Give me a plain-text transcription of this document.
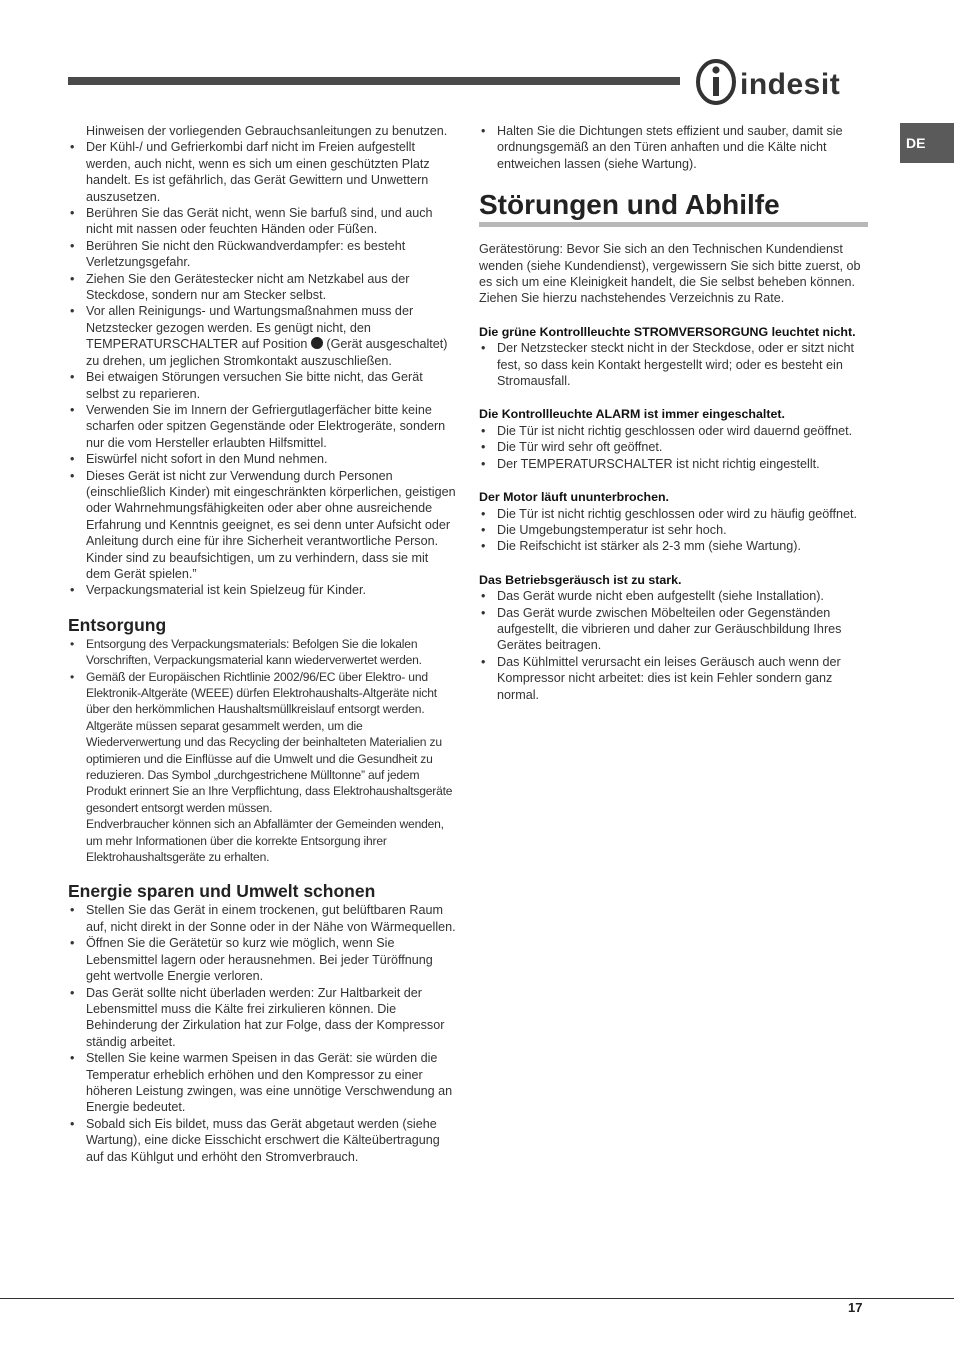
indesit
DE
Hinweisen der vorliegenden Gebrauchsanleitungen zu benutzen.
• Der Kühl-/ und Gefrierkombi darf nicht im Freien aufgestellt werden, auch nicht, wenn es sich um einen geschützten Platz handelt. Es ist gefährlich, das Gerät Gewittern und Unwettern auszusetzen.
• Berühren Sie das Gerät nicht, wenn Sie barfuß sind, und auch nicht mit nassen oder feuchten Händen oder Füßen.
• Berühren Sie nicht den Rückwandverdampfer: es besteht Verletzungsgefahr.
• Ziehen Sie den Gerätestecker nicht am Netzkabel aus der Steckdose, sondern nur am Stecker selbst.
• Vor allen Reinigungs- und Wartungsmaßnahmen muss der Netzstecker gezogen werden. Es genügt nicht, den TEMPERATURSCHALTER auf Position (Gerät ausgeschaltet) zu drehen, um jeglichen Stromkontakt auszuschließen.
• Bei etwaigen Störungen versuchen Sie bitte nicht, das Gerät selbst zu reparieren.
• Verwenden Sie im Innern der Gefriergutlagerfächer bitte keine scharfen oder spitzen Gegenstände oder Elektrogeräte, sondern nur die vom Hersteller erlaubten Hilfsmittel.
• Eiswürfel nicht sofort in den Mund nehmen.
• Dieses Gerät ist nicht zur Verwendung durch Personen (einschließlich Kinder) mit eingeschränkten körperlichen, geistigen oder Wahrnehmungsfähigkeiten oder aber ohne ausreichende Erfahrung und Kenntnis geeignet, es sei denn unter Aufsicht oder Anleitung durch eine für ihre Sicherheit verantwortliche Person. Kinder sind zu beaufsichtigen, um zu verhindern, dass sie mit dem Gerät spielen.”
• Verpackungsmaterial ist kein Spielzeug für Kinder.
Entsorgung
• Entsorgung des Verpackungsmaterials: Befolgen Sie die lokalen Vorschriften, Verpackungsmaterial kann wiederverwertet werden.
• Gemäß der Europäischen Richtlinie 2002/96/EC über Elektro- und Elektronik-Altgeräte (WEEE) dürfen Elektrohaushalts-Altgeräte nicht über den herkömmlichen Haushaltsmüllkreislauf entsorgt werden. Altgeräte müssen separat gesammelt werden, um die Wiederverwertung und das Recycling der beinhalteten Materialien zu optimieren und die Einflüsse auf die Umwelt und die Gesundheit zu reduzieren. Das Symbol „durchgestrichene Mülltonne” auf jedem Produkt erinnert Sie an Ihre Verpflichtung, dass Elektrohaushaltsgeräte gesondert entsorgt werden müssen.
Endverbraucher können sich an Abfallämter der Gemeinden wenden, um mehr Informationen über die korrekte Entsorgung ihrer Elektrohaushaltsgeräte zu erhalten.
Energie sparen und Umwelt schonen
• Stellen Sie das Gerät in einem trockenen, gut belüftbaren Raum auf, nicht direkt in der Sonne oder in der Nähe von Wärmequellen.
• Öffnen Sie die Gerätetür so kurz wie möglich, wenn Sie Lebensmittel lagern oder herausnehmen. Bei jeder Türöffnung geht wertvolle Energie verloren.
• Das Gerät sollte nicht überladen werden: Zur Haltbarkeit der Lebensmittel muss die Kälte frei zirkulieren können. Die Behinderung der Zirkulation hat zur Folge, dass der Kompressor ständig arbeitet.
• Stellen Sie keine warmen Speisen in das Gerät: sie würden die Temperatur erheblich erhöhen und den Kompressor zu einer höheren Leistung zwingen, was eine unnötige Verschwendung an Energie bedeutet.
• Sobald sich Eis bildet, muss das Gerät abgetaut werden (siehe Wartung), eine dicke Eisschicht erschwert die Kälteübertragung auf das Kühlgut und erhöht den Stromverbrauch.
• Halten Sie die Dichtungen stets effizient und sauber, damit sie ordnungsgemäß an den Türen anhaften und die Kälte nicht entweichen lassen (siehe Wartung).
Störungen und Abhilfe
Gerätestörung: Bevor Sie sich an den Technischen Kundendienst wenden (siehe Kundendienst), vergewissern Sie sich bitte zuerst, ob es sich um eine Kleinigkeit handelt, die Sie selbst beheben können. Ziehen Sie hierzu nachstehendes Verzeichnis zu Rate.
Die grüne Kontrollleuchte STROMVERSORGUNG leuchtet nicht.
• Der Netzstecker steckt nicht in der Steckdose, oder er sitzt nicht fest, so dass kein Kontakt hergestellt wird; oder es besteht ein Stromausfall.
Die Kontrollleuchte ALARM ist immer eingeschaltet.
• Die Tür ist nicht richtig geschlossen oder wird dauernd geöffnet.
• Die Tür wird sehr oft geöffnet.
• Der TEMPERATURSCHALTER ist nicht richtig eingestellt.
Der Motor läuft ununterbrochen.
• Die Tür ist nicht richtig geschlossen oder wird zu häufig geöffnet.
• Die Umgebungstemperatur ist sehr hoch.
• Die Reifschicht ist stärker als 2-3 mm (siehe Wartung).
Das Betriebsgeräusch ist zu stark.
• Das Gerät wurde nicht eben aufgestellt (siehe Installation).
• Das Gerät wurde zwischen Möbelteilen oder Gegenständen aufgestellt, die vibrieren und daher zur Geräuschbildung Ihres Gerätes beitragen.
• Das Kühlmittel verursacht ein leises Geräusch auch wenn der Kompressor nicht arbeitet: dies ist kein Fehler sondern ganz normal.
17
